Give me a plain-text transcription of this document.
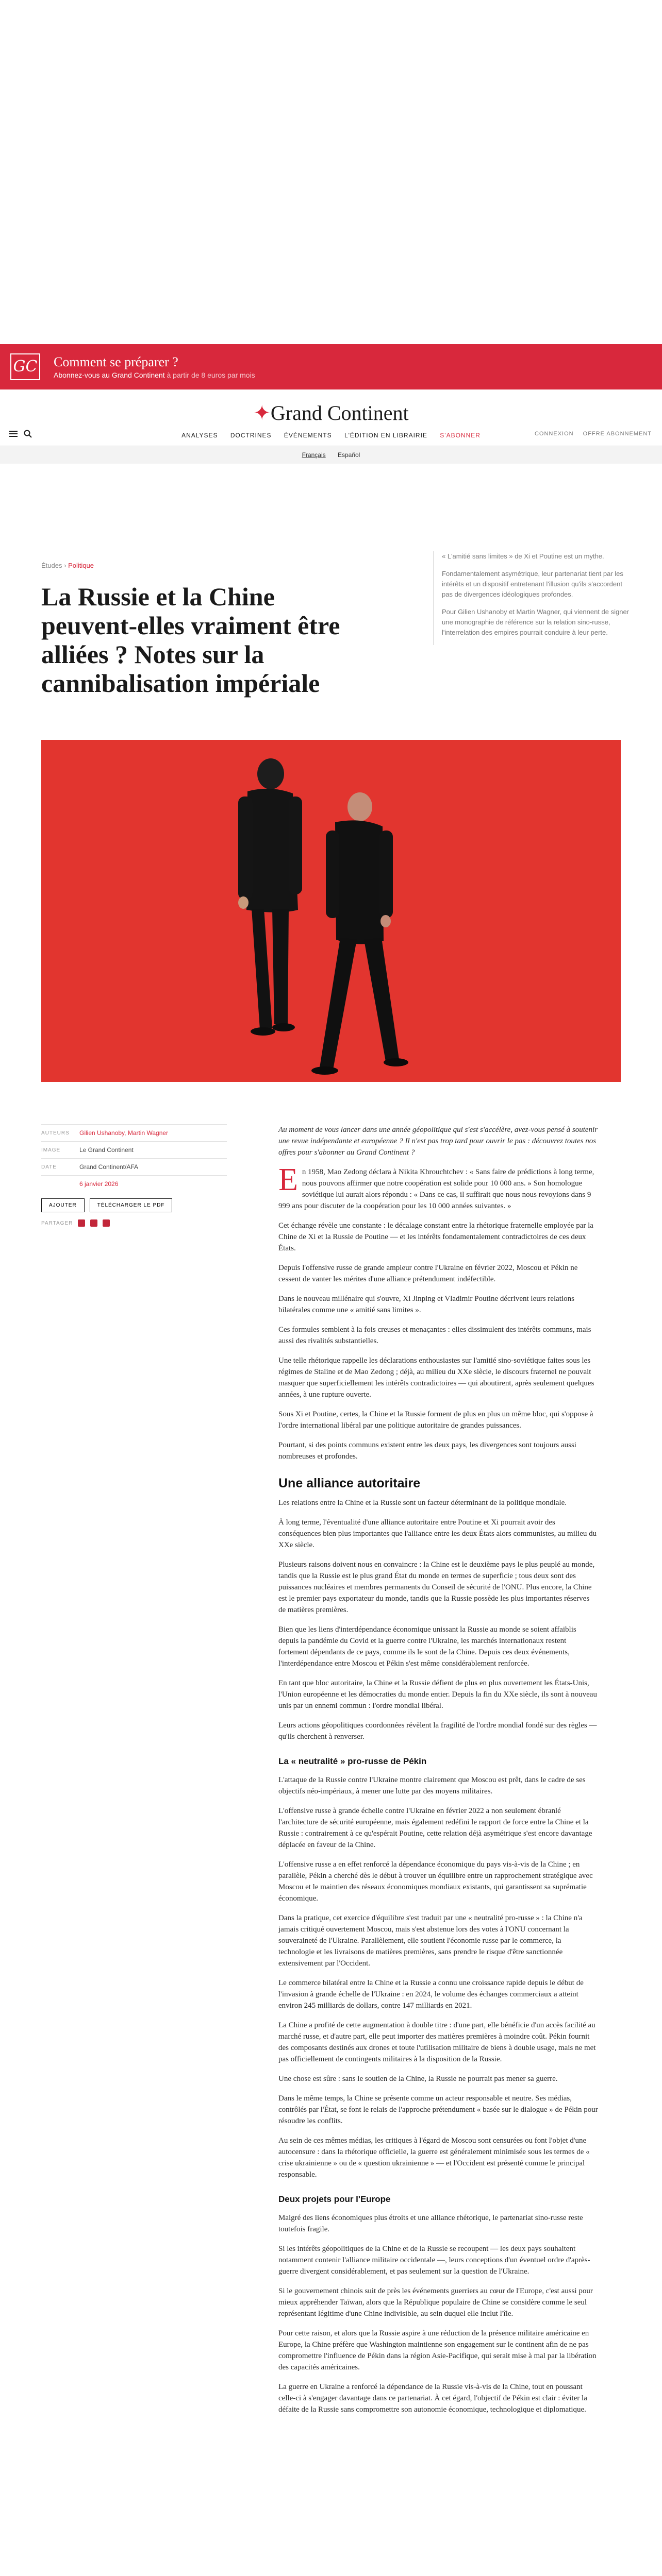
GC Comment se préparer ?
Abonnez-vous au Grand Continent à partir de 8 euros par mois
✦Grand Continent
ANALYSES DOCTRINES ÉVÉNEMENTS L'ÉDITION EN LIBRAIRIE S'ABONNER	CONNEXION OFFRE ABONNEMENT
Français Español
Études › Politique
La Russie et la Chine peuvent-elles vraiment être alliées ? Notes sur la cannibalisation impériale

« L'amitié sans limites » de Xi et Poutine est un mythe.

Fondamentalement asymétrique, leur partenariat tient par les intérêts et un dispositif entretenant l'illusion qu'ils s'accordent pas de divergences idéologiques profondes.

Pour Gilien Ushanoby et Martin Wagner, qui viennent de signer une monographie de référence sur la relation sino-russe, l'interrelation des empires pourrait conduire à leur perte.

AUTEURS	Gilien Ushanoby, Martin Wagner
IMAGE	Le Grand Continent
DATE	Grand Continent/AFA
6 janvier 2026
AJOUTER	TÉLÉCHARGER LE PDF
PARTAGER

Au moment de vous lancer dans une année géopolitique qui s'est s'accélère, avez-vous pensé à soutenir une revue indépendante et européenne ? Il n'est pas trop tard pour ouvrir le pas : découvrez toutes nos offres pour s'abonner au Grand Continent ?

En 1958, Mao Zedong déclara à Nikita Khrouchtchev : « Sans faire de prédictions à long terme, nous pouvons affirmer que notre coopération est solide pour 10 000 ans. » Son homologue soviétique lui aurait alors répondu : « Dans ce cas, il suffirait que nous nous revoyions dans 9 999 ans pour discuter de la coopération pour les 10 000 années suivantes. »

Cet échange révèle une constante : le décalage constant entre la rhétorique fraternelle employée par la Chine de Xi et la Russie de Poutine — et les intérêts fondamentalement contradictoires de ces deux États.

Depuis l'offensive russe de grande ampleur contre l'Ukraine en février 2022, Moscou et Pékin ne cessent de vanter les mérites d'une alliance prétendument indéfectible.

Dans le nouveau millénaire qui s'ouvre, Xi Jinping et Vladimir Poutine décrivent leurs relations bilatérales comme une « amitié sans limites ».

Ces formules semblent à la fois creuses et menaçantes : elles dissimulent des intérêts communs, mais aussi des rivalités substantielles.

Une telle rhétorique rappelle les déclarations enthousiastes sur l'amitié sino-soviétique faites sous les régimes de Staline et de Mao Zedong ; déjà, au milieu du XXe siècle, le discours fraternel ne pouvait masquer que superficiellement les intérêts contradictoires — qui aboutirent, après seulement quelques années, à une rupture ouverte.

Sous Xi et Poutine, certes, la Chine et la Russie forment de plus en plus un même bloc, qui s'oppose à l'ordre international libéral par une politique autoritaire de grandes puissances.

Pourtant, si des points communs existent entre les deux pays, les divergences sont toujours aussi nombreuses et profondes.

Une alliance autoritaire

Les relations entre la Chine et la Russie sont un facteur déterminant de la politique mondiale.

À long terme, l'éventualité d'une alliance autoritaire entre Poutine et Xi pourrait avoir des conséquences bien plus importantes que l'alliance entre les deux États alors communistes, au milieu du XXe siècle.

Plusieurs raisons doivent nous en convaincre : la Chine est le deuxième pays le plus peuplé au monde, tandis que la Russie est le plus grand État du monde en termes de superficie ; tous deux sont des puissances nucléaires et membres permanents du Conseil de sécurité de l'ONU. Plus encore, la Chine est le premier pays exportateur du monde, tandis que la Russie possède les plus importantes réserves de matières premières.

Bien que les liens d'interdépendance économique unissant la Russie au monde se soient affaiblis depuis la pandémie du Covid et la guerre contre l'Ukraine, les marchés internationaux restent fortement dépendants de ce pays, comme ils le sont de la Chine. Depuis ces deux événements, l'interdépendance entre Moscou et Pékin s'est même considérablement renforcée.

En tant que bloc autoritaire, la Chine et la Russie défient de plus en plus ouvertement les États-Unis, l'Union européenne et les démocraties du monde entier. Depuis la fin du XXe siècle, ils sont à nouveau unis par un ennemi commun : l'ordre mondial libéral.

Leurs actions géopolitiques coordonnées révèlent la fragilité de l'ordre mondial fondé sur des règles — qu'ils cherchent à renverser.

La « neutralité » pro-russe de Pékin

L'attaque de la Russie contre l'Ukraine montre clairement que Moscou est prêt, dans le cadre de ses objectifs néo-impériaux, à mener une lutte par des moyens militaires.

L'offensive russe à grande échelle contre l'Ukraine en février 2022 a non seulement ébranlé l'architecture de sécurité européenne, mais également redéfini le rapport de force entre la Chine et la Russie : contrairement à ce qu'espérait Poutine, cette relation déjà asymétrique s'est encore davantage déplacée en faveur de la Chine.

L'offensive russe a en effet renforcé la dépendance économique du pays vis-à-vis de la Chine ; en parallèle, Pékin a cherché dès le début à trouver un équilibre entre un rapprochement stratégique avec Moscou et le maintien des réseaux économiques mondiaux existants, qui garantissent sa suprématie économique.

Dans la pratique, cet exercice d'équilibre s'est traduit par une « neutralité pro-russe » : la Chine n'a jamais critiqué ouvertement Moscou, mais s'est abstenue lors des votes à l'ONU concernant la souveraineté de l'Ukraine. Parallèlement, elle soutient l'économie russe par le commerce, la technologie et les livraisons de matières premières, sans prendre le risque d'être sanctionnée extensivement par l'Occident.

Le commerce bilatéral entre la Chine et la Russie a connu une croissance rapide depuis le début de l'invasion à grande échelle de l'Ukraine : en 2024, le volume des échanges commerciaux a atteint environ 245 milliards de dollars, contre 147 milliards en 2021.

La Chine a profité de cette augmentation à double titre : d'une part, elle bénéficie d'un accès facilité au marché russe, et d'autre part, elle peut importer des matières premières à moindre coût. Pékin fournit des composants destinés aux drones et toute l'utilisation militaire de biens à double usage, mais ne met pas officiellement de contingents militaires à la disposition de la Russie.

Une chose est sûre : sans le soutien de la Chine, la Russie ne pourrait pas mener sa guerre.

Dans le même temps, la Chine se présente comme un acteur responsable et neutre. Ses médias, contrôlés par l'État, se font le relais de l'approche prétendument « basée sur le dialogue » de Pékin pour résoudre les conflits.

Au sein de ces mêmes médias, les critiques à l'égard de Moscou sont censurées ou font l'objet d'une autocensure : dans la rhétorique officielle, la guerre est généralement minimisée sous les termes de « crise ukrainienne » ou de « question ukrainienne » — et l'Occident est présenté comme le principal responsable.

Deux projets pour l'Europe

Malgré des liens économiques plus étroits et une alliance rhétorique, le partenariat sino-russe reste toutefois fragile.

Si les intérêts géopolitiques de la Chine et de la Russie se recoupent — les deux pays souhaitent notamment contenir l'alliance militaire occidentale —, leurs conceptions d'un éventuel ordre d'après-guerre divergent considérablement, et pas seulement sur la question de l'Ukraine.

Si le gouvernement chinois suit de près les événements guerriers au cœur de l'Europe, c'est aussi pour mieux appréhender Taïwan, alors que la République populaire de Chine se considère comme le seul représentant légitime d'une Chine indivisible, au sein duquel elle inclut l'île.

Pour cette raison, et alors que la Russie aspire à une réduction de la présence militaire américaine en Europe, la Chine préfère que Washington maintienne son engagement sur le continent afin de ne pas compromettre l'influence de Pékin dans la région Asie-Pacifique, qui serait mise à mal par la libération des capacités américaines.

La guerre en Ukraine a renforcé la dépendance de la Russie vis-à-vis de la Chine, tout en poussant celle-ci à s'engager davantage dans ce partenariat. À cet égard, l'objectif de Pékin est clair : éviter la défaite de la Russie sans compromettre son autonomie économique, technologique et diplomatique.
